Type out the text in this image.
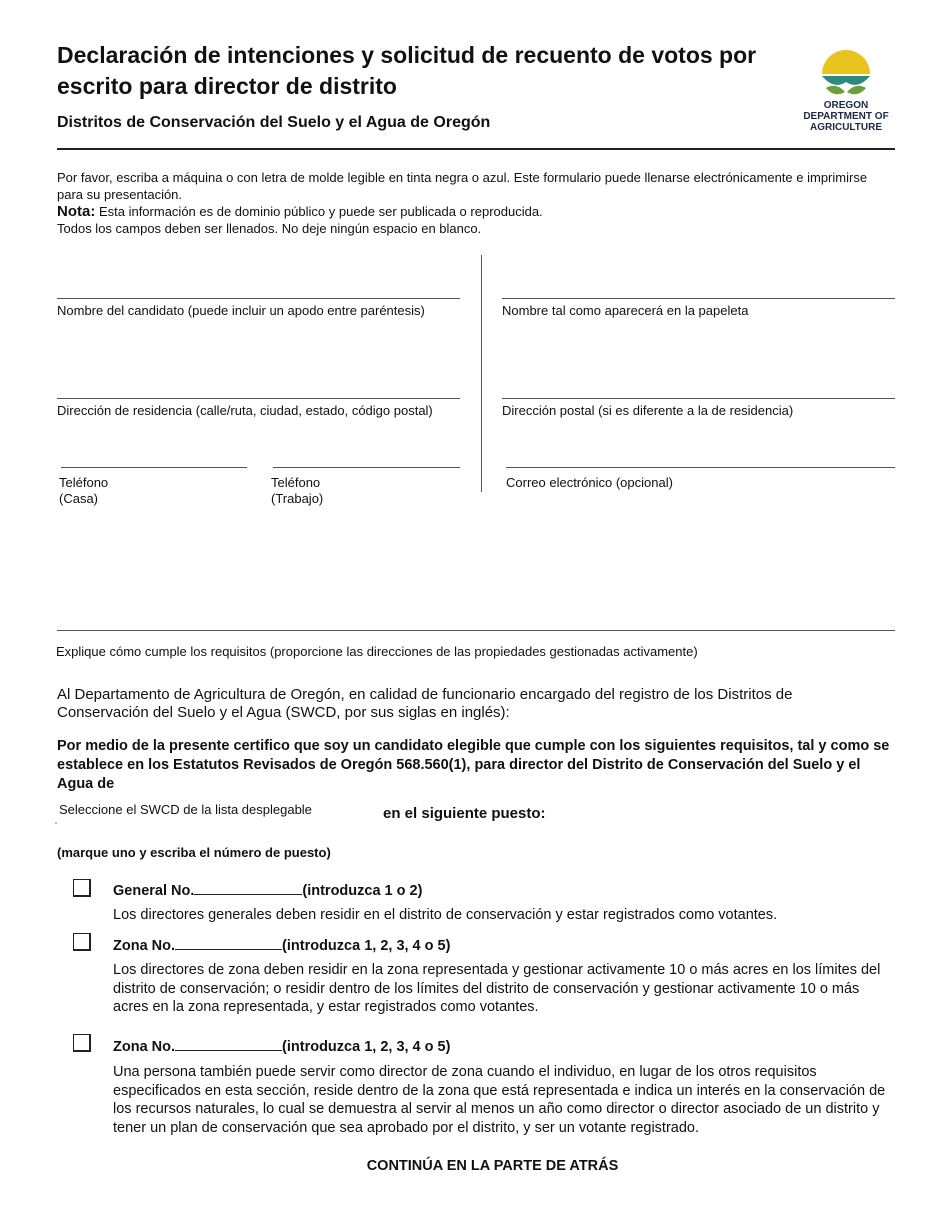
Declaración de intenciones y solicitud de recuento de votos por escrito para director de distrito
Distritos de Conservación del Suelo y el Agua de Oregón
OREGON
DEPARTMENT OF
AGRICULTURE
Por favor, escriba a máquina o con letra de molde legible en tinta negra o azul. Este formulario puede llenarse electrónicamente e imprimirse para su presentación.
Nota: Esta información es de dominio público y puede ser publicada o reproducida.
Todos los campos deben ser llenados. No deje ningún espacio en blanco.
Nombre del candidato (puede incluir un apodo entre paréntesis)	Nombre tal como aparecerá en la papeleta
Dirección de residencia (calle/ruta, ciudad, estado, código postal)	Dirección postal (si es diferente a la de residencia)
Teléfono
(Casa)
Teléfono
(Trabajo)
Correo electrónico (opcional)
Explique cómo cumple los requisitos (proporcione las direcciones de las propiedades gestionadas activamente)
Al Departamento de Agricultura de Oregón, en calidad de funcionario encargado del registro de los Distritos de Conservación del Suelo y el Agua (SWCD, por sus siglas en inglés):
Por medio de la presente certifico que soy un candidato elegible que cumple con los siguientes requisitos, tal y como se establece en los Estatutos Revisados de Oregón 568.560(1), para director del Distrito de Conservación del Suelo y el Agua de
Seleccione el SWCD de la lista desplegable	en el siguiente puesto:
(marque uno y escriba el número de puesto)
General No.	(introduzca 1 o 2)
Los directores generales deben residir en el distrito de conservación y estar registrados como votantes.
Zona No.	(introduzca 1, 2, 3, 4 o 5)
Los directores de zona deben residir en la zona representada y gestionar activamente 10 o más acres en los límites del distrito de conservación; o residir dentro de los límites del distrito de conservación y gestionar activamente 10 o más acres en la zona representada, y estar registrados como votantes.
Zona No.	(introduzca 1, 2, 3, 4 o 5)
Una persona también puede servir como director de zona cuando el individuo, en lugar de los otros requisitos especificados en esta sección, reside dentro de la zona que está representada e indica un interés en la conservación de los recursos naturales, lo cual se demuestra al servir al menos un año como director o director asociado de un distrito y tener un plan de conservación que sea aprobado por el distrito, y ser un votante registrado.
CONTINÚA EN LA PARTE DE ATRÁS
